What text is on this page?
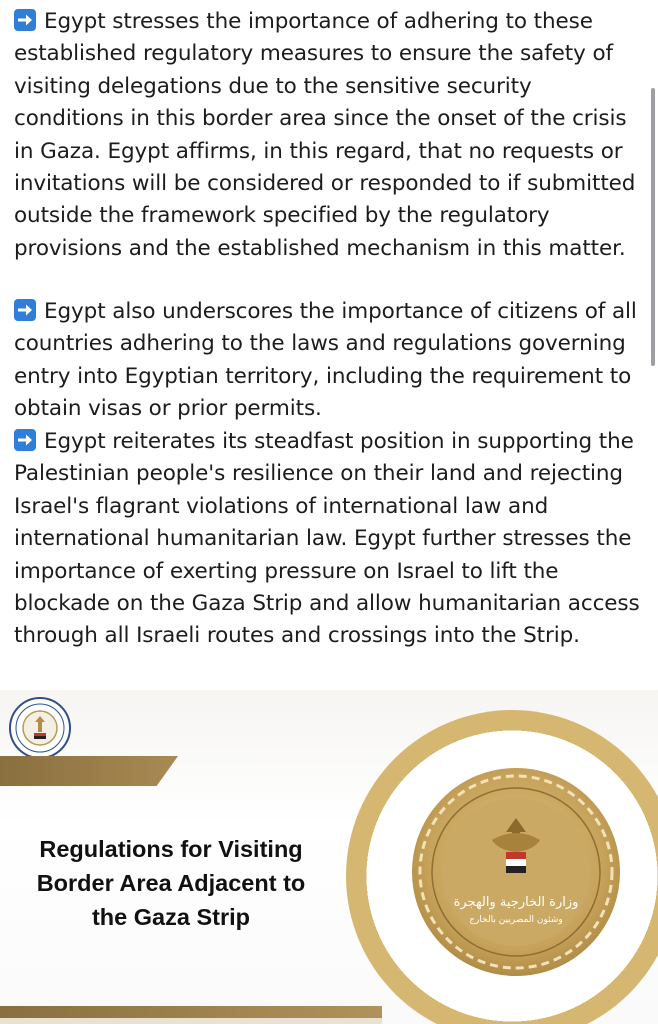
Egypt stresses the importance of adhering to these established regulatory measures to ensure the safety of visiting delegations due to the sensitive security conditions in this border area since the onset of the crisis in Gaza. Egypt affirms, in this regard, that no requests or invitations will be considered or responded to if submitted outside the framework specified by the regulatory provisions and the established mechanism in this matter.
Egypt also underscores the importance of citizens of all countries adhering to the laws and regulations governing entry into Egyptian territory, including the requirement to obtain visas or prior permits.
Egypt reiterates its steadfast position in supporting the Palestinian people's resilience on their land and rejecting Israel's flagrant violations of international law and international humanitarian law. Egypt further stresses the importance of exerting pressure on Israel to lift the blockade on the Gaza Strip and allow humanitarian access through all Israeli routes and crossings into the Strip.
Regulations for Visiting
Border Area Adjacent to
the Gaza Strip
وزارة الخارجية والهجرة
وشئون المصريين بالخارج
